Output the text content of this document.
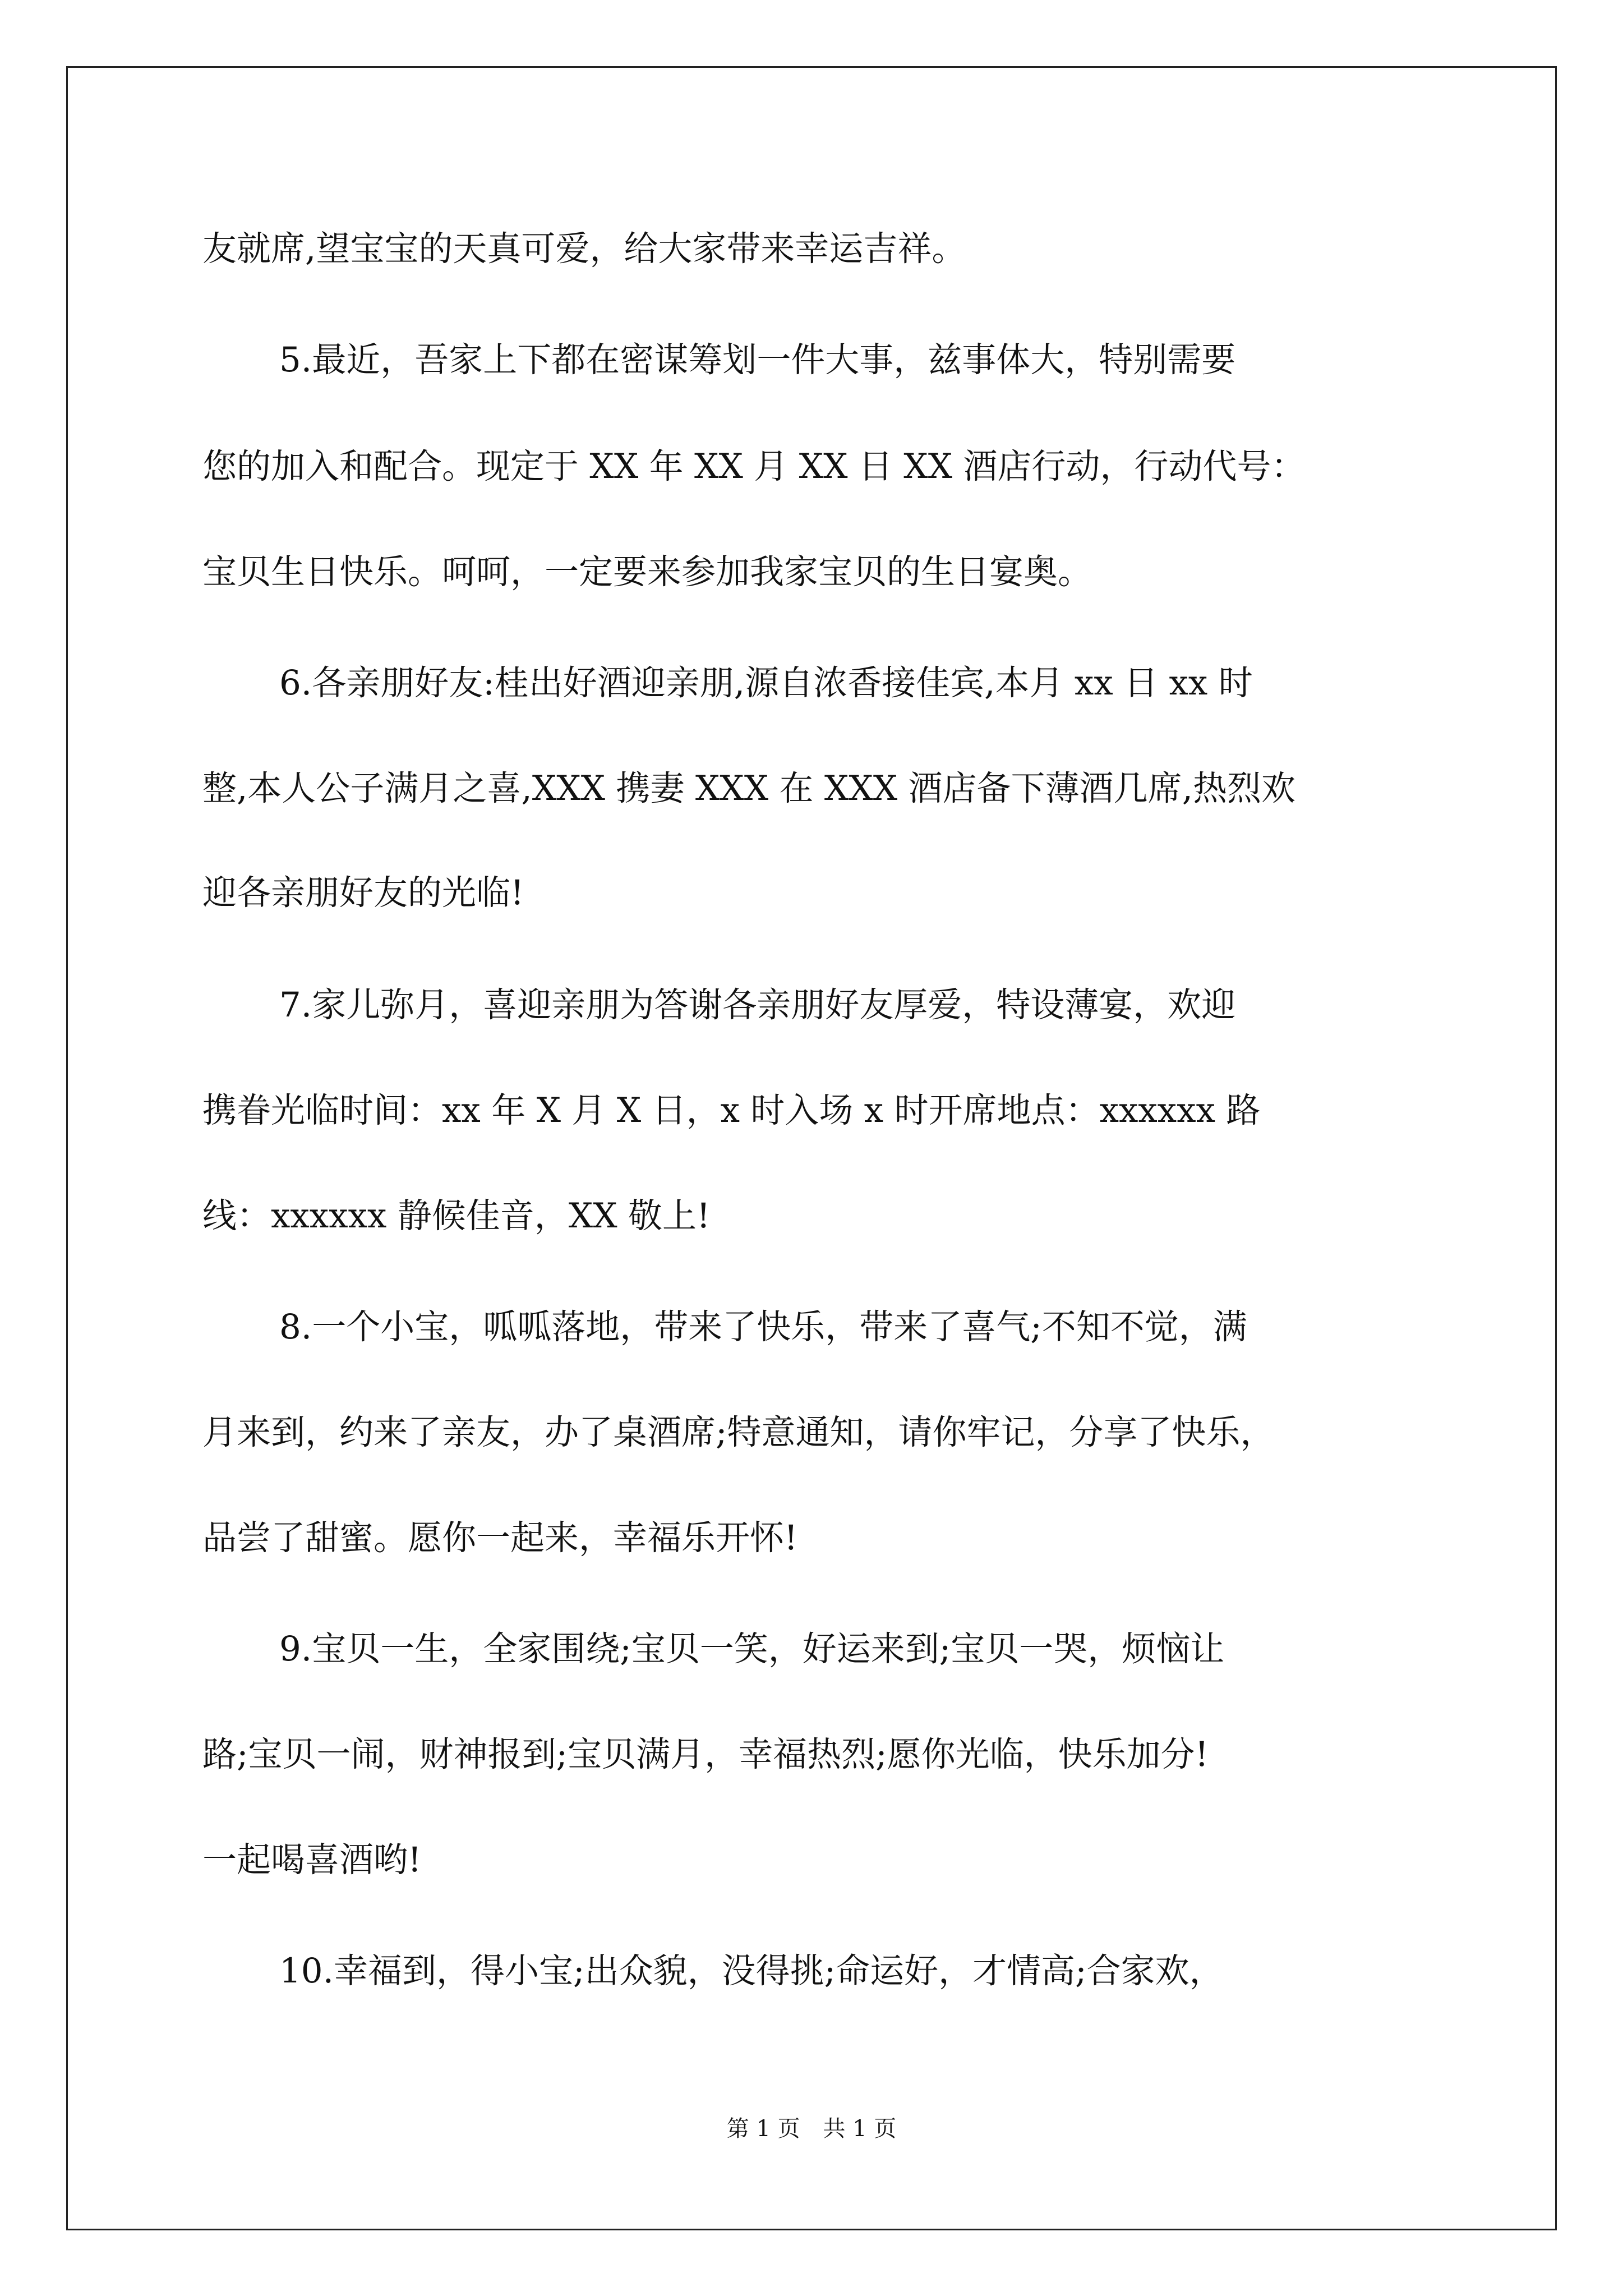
友就席,望宝宝的天真可爱，给大家带来幸运吉祥。
5.最近，吾家上下都在密谋筹划一件大事，兹事体大，特别需要
您的加入和配合。现定于 XX 年 XX 月 XX 日 XX 酒店行动，行动代号：
宝贝生日快乐。呵呵，一定要来参加我家宝贝的生日宴奥。
6.各亲朋好友:桂出好酒迎亲朋,源自浓香接佳宾,本月 xx 日 xx 时
整,本人公子满月之喜,XXX 携妻 XXX 在 XXX 酒店备下薄酒几席,热烈欢
迎各亲朋好友的光临!
7.家儿弥月，喜迎亲朋为答谢各亲朋好友厚爱，特设薄宴，欢迎
携眷光临时间：xx 年 X 月 X 日，x 时入场 x 时开席地点：xxxxxx 路
线：xxxxxx 静候佳音，XX 敬上!
8.一个小宝，呱呱落地，带来了快乐，带来了喜气;不知不觉，满
月来到，约来了亲友，办了桌酒席;特意通知，请你牢记，分享了快乐，
品尝了甜蜜。愿你一起来，幸福乐开怀!
9.宝贝一生，全家围绕;宝贝一笑，好运来到;宝贝一哭，烦恼让
路;宝贝一闹，财神报到;宝贝满月，幸福热烈;愿你光临，快乐加分!
一起喝喜酒哟!
10.幸福到，得小宝;出众貌，没得挑;命运好，才情高;合家欢，
第 1 页 共 1 页
